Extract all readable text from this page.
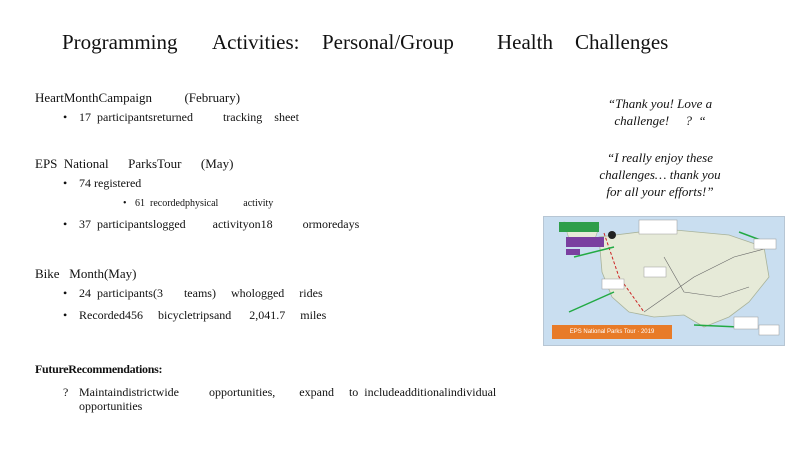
Programming	Activities:	Personal/Group	Health	Challenges
HeartMonthCampaign          (February)
• 17  participantsreturned          tracking    sheet
EPS  National      ParksTour      (May)
• 74 registered
• 61  recordedphysical          activity
• 37  participantslogged         activityon18          ormoredays
Bike   Month(May)
• 24  participants(3       teams)     whologged     rides
• Recorded456     bicycletripsand      2,041.7     miles
FutureRecommendations:
? Maintaindistrictwide          opportunities,        expand     to  includeadditionalindividual
opportunities
“Thank you! Love a
challenge!     ?  “
“I really enjoy these
challenges… thank you
for all your efforts!”
EPS National Parks Tour · 2019
